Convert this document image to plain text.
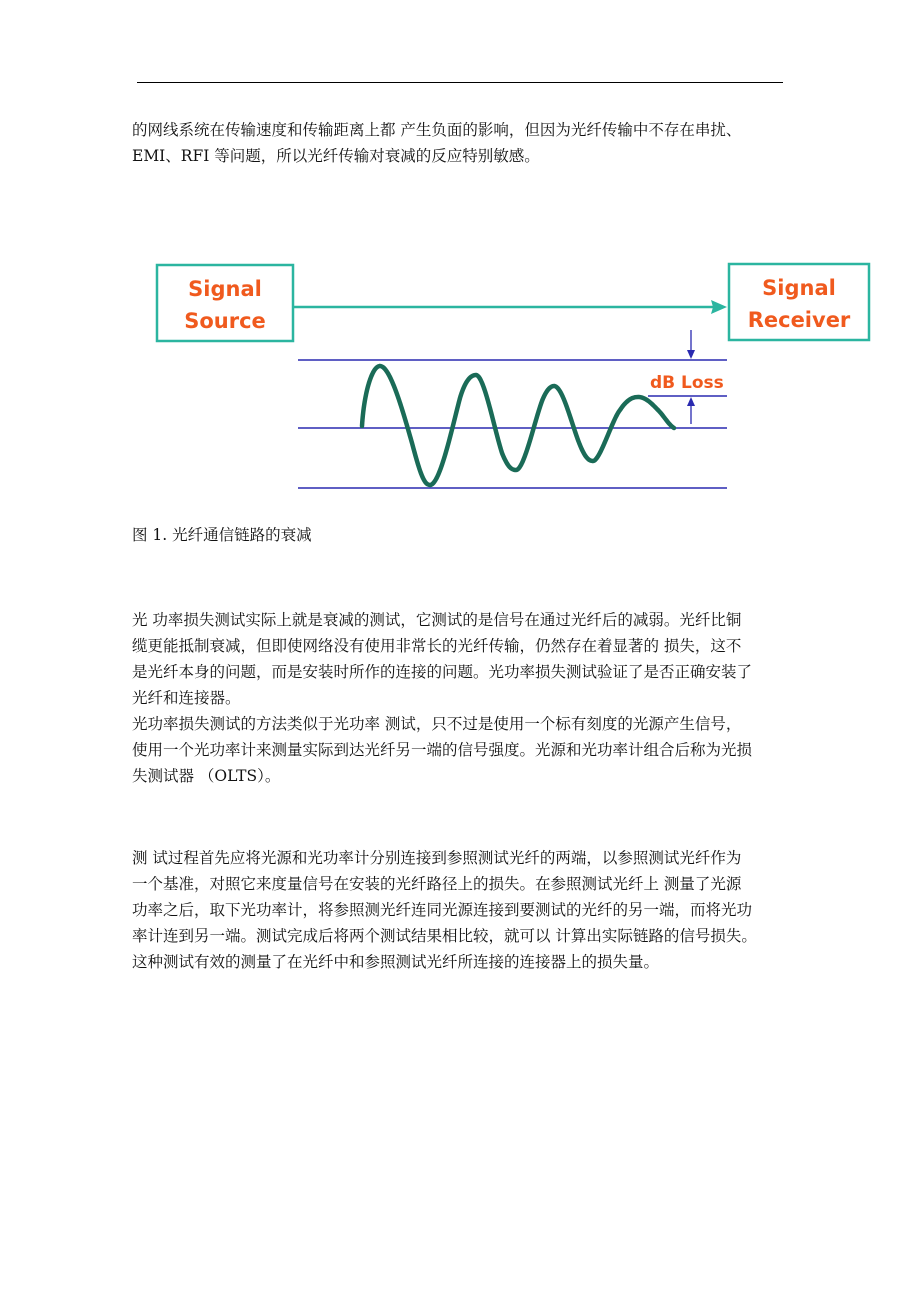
的网线系统在传输速度和传输距离上都 产生负面的影响，但因为光纤传输中不存在串扰、
EMI、RFI 等问题，所以光纤传输对衰减的反应特别敏感。

Signal
Source
Signal
Receiver
dB Loss
图 1. 光纤通信链路的衰减

光 功率损失测试实际上就是衰减的测试，它测试的是信号在通过光纤后的减弱。光纤比铜
缆更能抵制衰减，但即使网络没有使用非常长的光纤传输，仍然存在着显著的 损失，这不
是光纤本身的问题，而是安装时所作的连接的问题。光功率损失测试验证了是否正确安装了
光纤和连接器。
光功率损失测试的方法类似于光功率 测试，只不过是使用一个标有刻度的光源产生信号，
使用一个光功率计来测量实际到达光纤另一端的信号强度。光源和光功率计组合后称为光损
失测试器 （OLTS）。

测 试过程首先应将光源和光功率计分别连接到参照测试光纤的两端，以参照测试光纤作为
一个基准，对照它来度量信号在安装的光纤路径上的损失。在参照测试光纤上 测量了光源
功率之后，取下光功率计，将参照测光纤连同光源连接到要测试的光纤的另一端，而将光功
率计连到另一端。测试完成后将两个测试结果相比较，就可以 计算出实际链路的信号损失。
这种测试有效的测量了在光纤中和参照测试光纤所连接的连接器上的损失量。
